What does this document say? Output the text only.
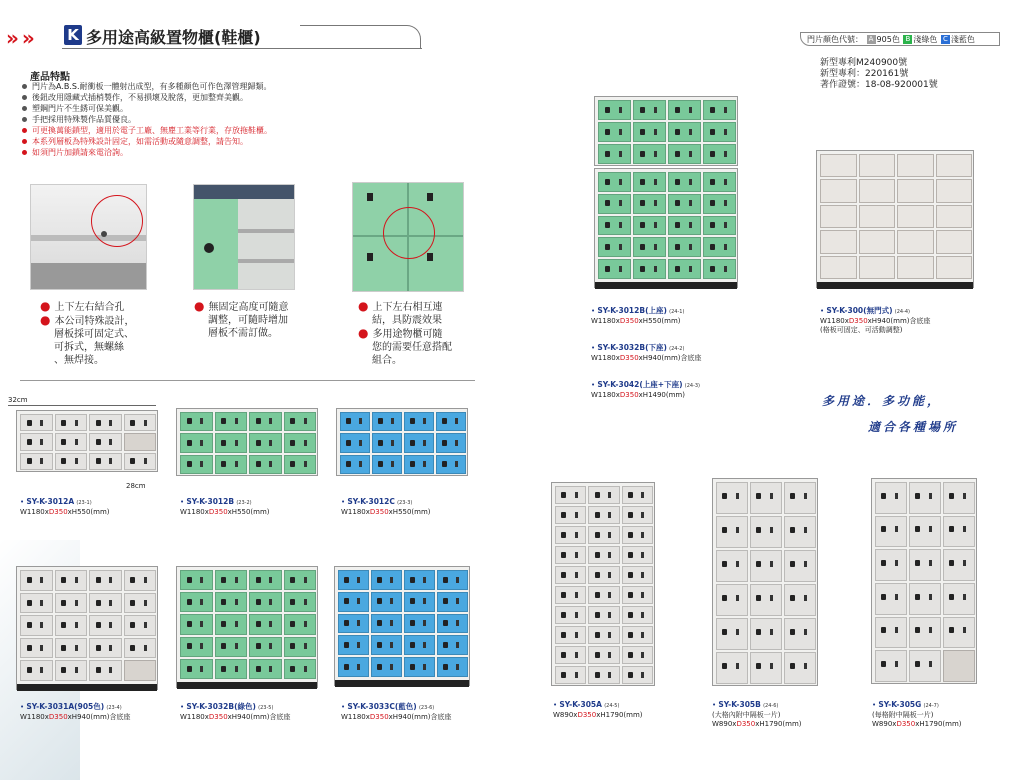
» » K 多用途高級置物櫃(鞋櫃)	門片顏色代號： A 905色 B 淺綠色 C 淺藍色
新型專利M240900號
新型專利：220161號
著作證號：18-08-920001號
產品特點
門片為A.B.S.耐衝板一體射出成型，有多種顏色可作色澤管理歸類。
後鈕改用隱藏式插梢製作，不易損壞及脫落，更加整齊美觀。
塑鋼門片不生銹可保美觀。
手把採用特殊製作品質優良。
可更換萬能鎖型，適用於電子工廠、無塵工業等行業，存放拖鞋櫃。
本系列層板為特殊設計固定，如需活動或隨意調整，請告知。
如須門片加鎖請來電洽詢。
● 上下左右結合孔
● 本公司特殊設計，
層板採可固定式、
可拆式，無螺絲
、無焊接。
● 無固定高度可隨意
調整，可隨時增加
層板不需訂做。
● 上下左右相互連
結，具防震效果
● 多用途物櫃可隨
您的需要任意搭配
組合。
32cm
28cm
• SY-K-3012A (23-1)
W1180xD350xH550(mm)
• SY-K-3012B (23-2)
W1180xD350xH550(mm)
• SY-K-3012C (23-3)
W1180xD350xH550(mm)
• SY-K-3031A(905色) (23-4)
W1180xD350xH940(mm)含底座
• SY-K-3032B(綠色) (23-5)
W1180xD350xH940(mm)含底座
• SY-K-3033C(藍色) (23-6)
W1180xD350xH940(mm)含底座
• SY-K-3012B(上座) (24-1)
W1180xD350xH550(mm)
• SY-K-3032B(下座) (24-2)
W1180xD350xH940(mm)含底座
• SY-K-3042(上座+下座) (24-3)
W1180xD350xH1490(mm)
• SY-K-300(無門式) (24-4)
W1180xD350xH940(mm)含底座
(格板可固定、可活動調整)
• SY-K-305A (24-5)
W890xD350xH1790(mm)
• SY-K-305B (24-6)
(大格內附中隔板一片)
W890xD350xH1790(mm)
• SY-K-305G (24-7)
(每格附中隔板一片)
W890xD350xH1790(mm)
多用途．多功能，
適合各種場所
